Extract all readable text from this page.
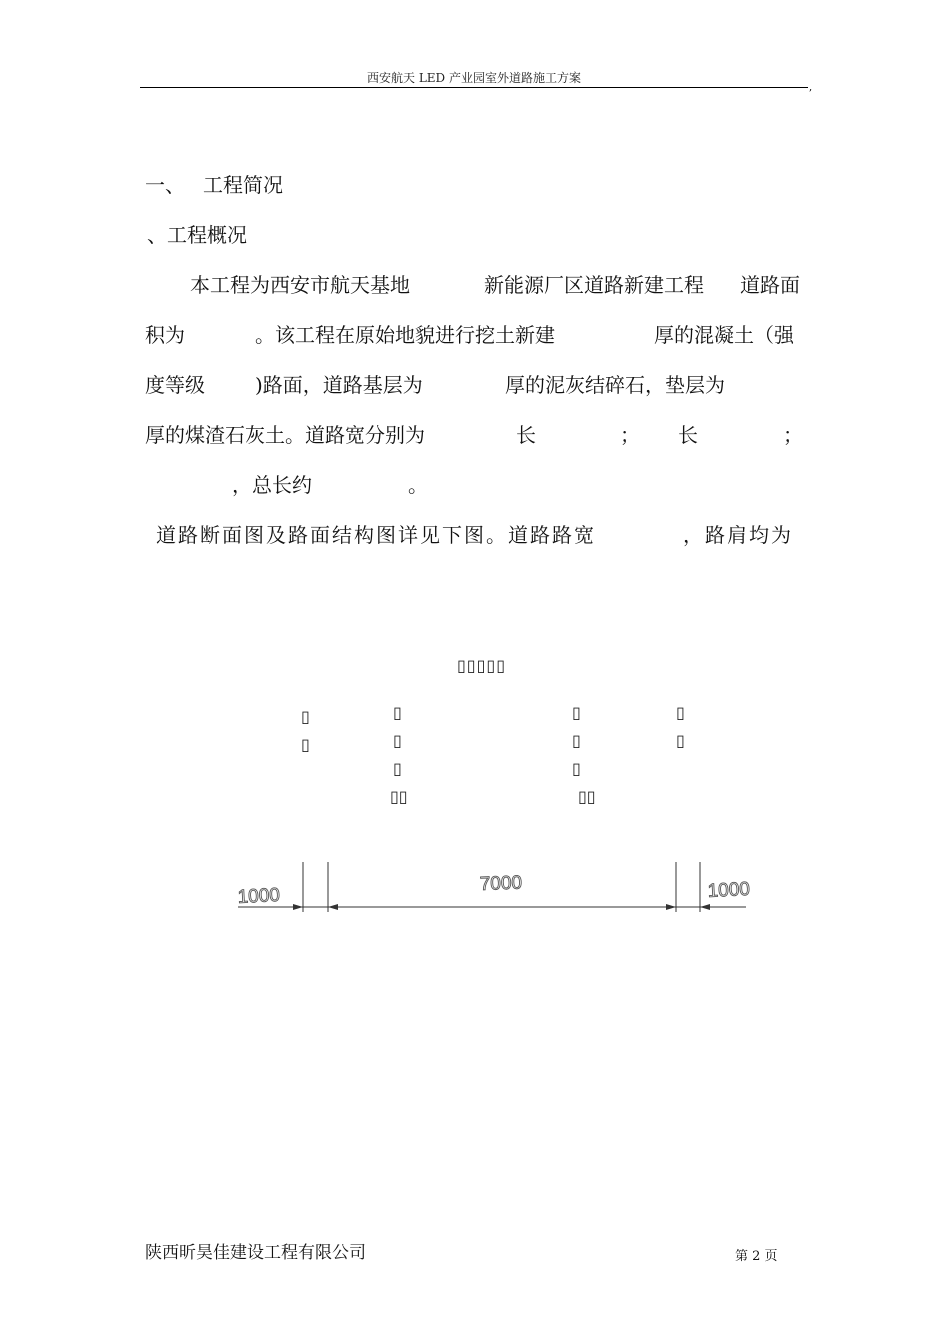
西安航天 LED 产业园室外道路施工方案
,
一、 工程简况
、工程概况
本工程为西安市航天基地	新能源厂区道路新建工程 道路面
积为	。该工程在原始地貌进行挖土新建	厚的混凝土（强
度等级	)路面，道路基层为	厚的泥灰结碎石，垫层为
厚的煤渣石灰土。道路宽分别为	长	； 长	；
，总长约	。
道路断面图及路面结构图详见下图。道路路宽	，路肩均为
▯▯▯▯▯
▯
▯
▯
▯
▯
▯▯
▯
▯
▯
▯▯
▯
▯
1000
7000	1000
陕西昕昊佳建设工程有限公司	第 2 页
